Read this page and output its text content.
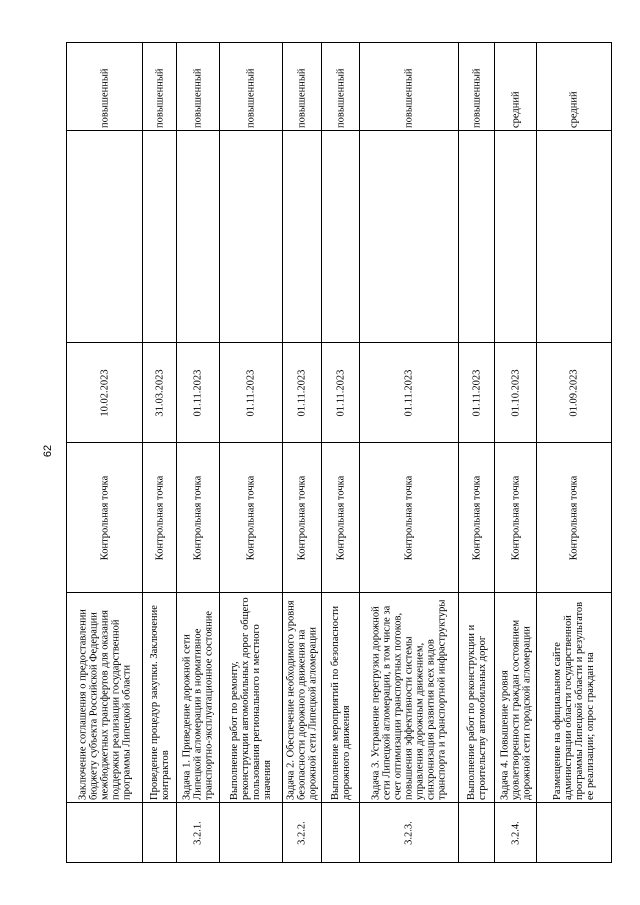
62
повышенный
10.02.2023
Контрольная точка
Заключение соглашения о предоставлении бюджету субъекта Российской Федерации межбюджетных трансфертов для оказания поддержки реализации государственной программы Липецкой области
повышенный
31.03.2023
Контрольная точка
Проведение процедур закупки. Заключение контрактов
повышенный
01.11.2023
Контрольная точка
Задача 1. Приведение дорожной сети Липецкой агломерации в нормативное транспортно-эксплуатационное состояние
3.2.1.
повышенный
01.11.2023
Контрольная точка
Выполнение работ по ремонту, реконструкции автомобильных дорог общего пользования регионального и местного значения
повышенный
01.11.2023
Контрольная точка
Задача 2. Обеспечение необходимого уровня безопасности дорожного движения на дорожной сети Липецкой агломерации
3.2.2.
повышенный
01.11.2023
Контрольная точка
Выполнение мероприятий по безопасности дорожного движения
повышенный
01.11.2023
Контрольная точка
Задача 3. Устранение перегрузки дорожной сети Липецкой агломерации, в том числе за счет оптимизации транспортных потоков, повышения эффективности системы управления дорожным движением, синхронизация развития всех видов транспорта и транспортной инфраструктуры
3.2.3.
повышенный
01.11.2023
Контрольная точка
Выполнение работ по реконструкции и строительству автомобильных дорог
средний
01.10.2023
Контрольная точка
Задача 4. Повышение уровня удовлетворенности граждан состоянием дорожной сети городской агломерации
3.2.4.
средний
01.09.2023
Контрольная точка
Размещение на официальном сайте администрации области государственной программы Липецкой области и результатов ее реализации; опрос граждан на
